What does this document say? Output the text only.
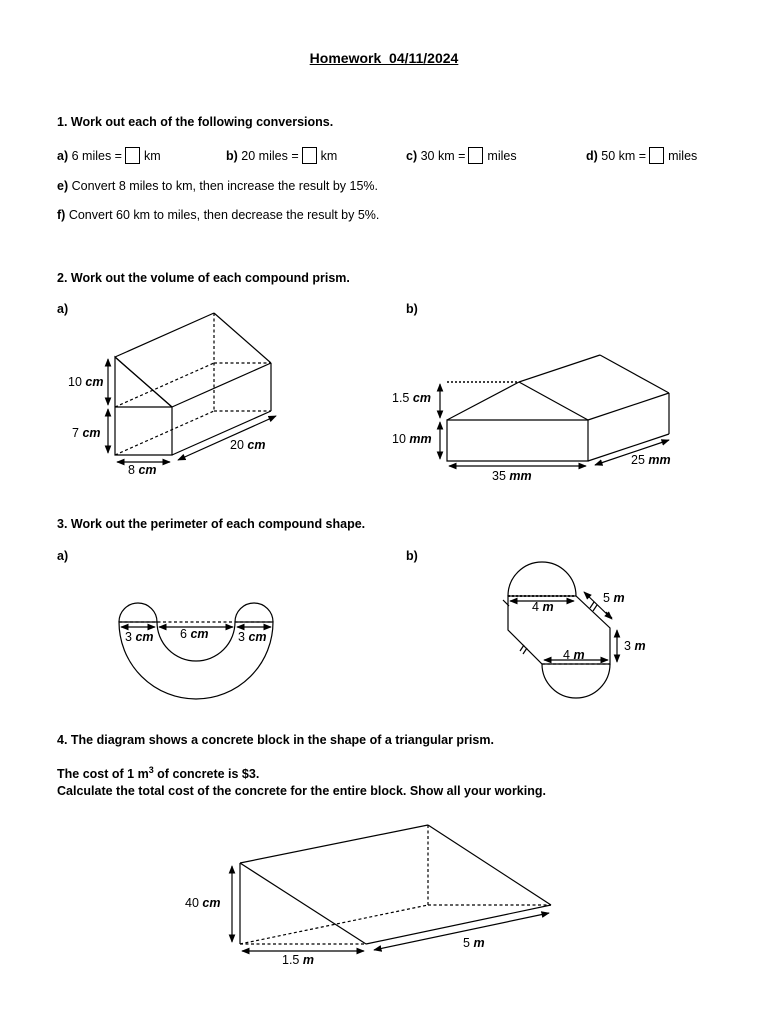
Homework_04/11/2024
1. Work out each of the following conversions.
a) 6 miles = km	b) 20 miles = km	c) 30 km = miles	d) 50 km = miles
e) Convert 8 miles to km, then increase the result by 15%.
f) Convert 60 km to miles, then decrease the result by 5%.
2. Work out the volume of each compound prism.
a)	b)
3. Work out the perimeter of each compound shape.
a)	b)
4. The diagram shows a concrete block in the shape of a triangular prism.
The cost of 1 $m^3$ of concrete is $3.
Calculate the total cost of the concrete for the entire block. Show all your working.
10 cm
7 cm
8 cm
20 cm
1.5 cm
10 mm
35 mm
25 mm
3 cm 6 cm 3 cm
4 m
4 m
5 m
3 m
40 cm
1.5 m
5 m
